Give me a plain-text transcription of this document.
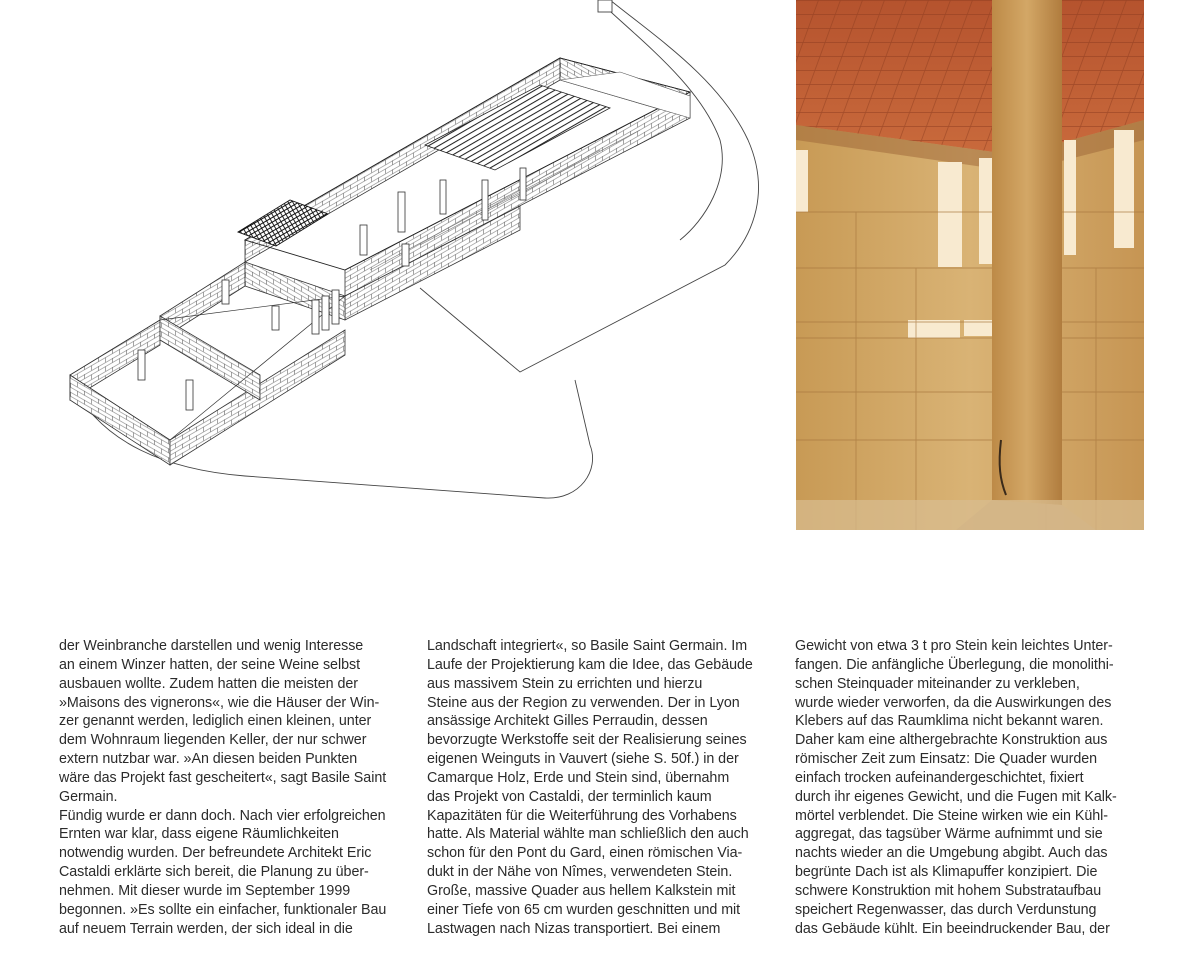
der Weinbranche darstellen und wenig Interesse
an einem Winzer hatten, der seine Weine selbst
ausbauen wollte. Zudem hatten die meisten der
»Maisons des vignerons«, wie die Häuser der Win-
zer genannt werden, lediglich einen kleinen, unter
dem Wohnraum liegenden Keller, der nur schwer
extern nutzbar war. »An diesen beiden Punkten
wäre das Projekt fast gescheitert«, sagt Basile Saint
Germain.
Fündig wurde er dann doch. Nach vier erfolgreichen
Ernten war klar, dass eigene Räumlichkeiten
notwendig wurden. Der befreundete Architekt Eric
Castaldi erklärte sich bereit, die Planung zu über-
nehmen. Mit dieser wurde im September 1999
begonnen. »Es sollte ein einfacher, funktionaler Bau
auf neuem Terrain werden, der sich ideal in die
Landschaft integriert«, so Basile Saint Germain. Im
Laufe der Projektierung kam die Idee, das Gebäude
aus massivem Stein zu errichten und hierzu
Steine aus der Region zu verwenden. Der in Lyon
ansässige Architekt Gilles Perraudin, dessen
bevorzugte Werkstoffe seit der Realisierung seines
eigenen Weinguts in Vauvert (siehe S. 50f.) in der
Camarque Holz, Erde und Stein sind, übernahm
das Projekt von Castaldi, der terminlich kaum
Kapazitäten für die Weiterführung des Vorhabens
hatte. Als Material wählte man schließlich den auch
schon für den Pont du Gard, einen römischen Via-
dukt in der Nähe von Nîmes, verwendeten Stein.
Große, massive Quader aus hellem Kalkstein mit
einer Tiefe von 65 cm wurden geschnitten und mit
Lastwagen nach Nizas transportiert. Bei einem
Gewicht von etwa 3 t pro Stein kein leichtes Unter-
fangen. Die anfängliche Überlegung, die monolithi-
schen Steinquader miteinander zu verkleben,
wurde wieder verworfen, da die Auswirkungen des
Klebers auf das Raumklima nicht bekannt waren.
Daher kam eine althergebrachte Konstruktion aus
römischer Zeit zum Einsatz: Die Quader wurden
einfach trocken aufeinandergeschichtet, fixiert
durch ihr eigenes Gewicht, und die Fugen mit Kalk-
mörtel verblendet. Die Steine wirken wie ein Kühl-
aggregat, das tagsüber Wärme aufnimmt und sie
nachts wieder an die Umgebung abgibt. Auch das
begrünte Dach ist als Klimapuffer konzipiert. Die
schwere Konstruktion mit hohem Substrataufbau
speichert Regenwasser, das durch Verdunstung
das Gebäude kühlt. Ein beeindruckender Bau, der
